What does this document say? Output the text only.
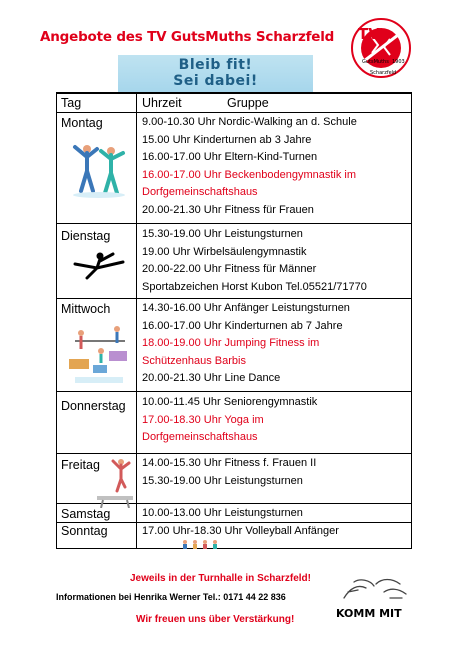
Angebote des TV GutsMuths Scharzfeld	TV
GutsMuths 1903
Scharzfeld
Bleib fit!
Sei dabei!
Tag	Uhrzeit	Gruppe
Montag	9.00-10.30 Uhr Nordic-Walking an d. Schule
15.00 Uhr Kinderturnen ab 3 Jahre
16.00-17.00 Uhr Eltern-Kind-Turnen
16.00-17.00 Uhr Beckenbodengymnastik im
Dorfgemeinschaftshaus
20.00-21.30 Uhr Fitness für Frauen
Dienstag	15.30-19.00 Uhr Leistungsturnen
19.00 Uhr Wirbelsäulengymnastik
20.00-22.00 Uhr Fitness für Männer
Sportabzeichen Horst Kubon Tel.05521/71770
Mittwoch	14.30-16.00 Uhr Anfänger Leistungsturnen
16.00-17.00 Uhr Kinderturnen ab 7 Jahre
18.00-19.00 Uhr Jumping Fitness im
Schützenhaus Barbis
20.00-21.30 Uhr Line Dance
Donnerstag 10.00-11.45 Uhr Seniorengymnastik
17.00-18.30 Uhr Yoga im
Dorfgemeinschaftshaus
Freitag	14.00-15.30 Uhr Fitness f. Frauen II
15.30-19.00 Uhr Leistungsturnen
Samstag	10.00-13.00 Uhr Leistungsturnen
Sonntag	17.00 Uhr-18.30 Uhr Volleyball Anfänger
Jeweils in der Turnhalle in Scharzfeld!
Informationen bei Henrika Werner Tel.: 0171 44 22 836
Wir freuen uns über Verstärkung!	KOMM MIT
